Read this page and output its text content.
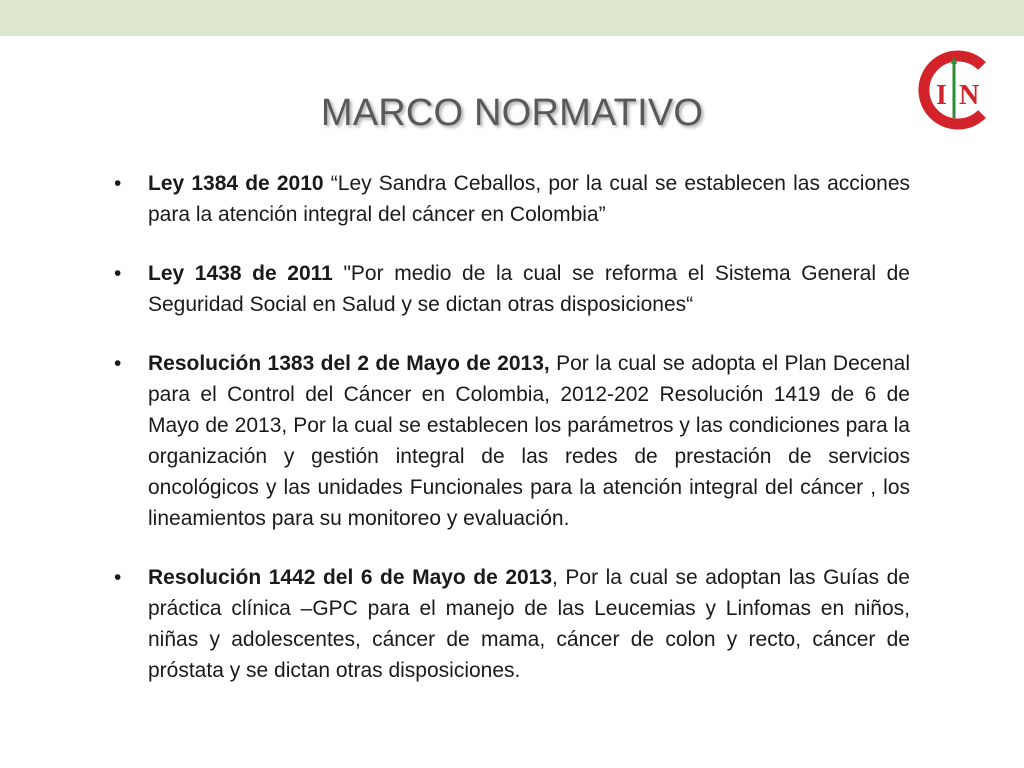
I N
MARCO NORMATIVO
• Ley 1384 de 2010 “Ley Sandra Ceballos, por la cual se establecen las acciones para la atención integral del cáncer en Colombia”
• Ley 1438 de 2011 "Por medio de la cual se reforma el Sistema General de Seguridad Social en Salud y se dictan otras disposiciones“
• Resolución 1383 del 2 de Mayo de 2013, Por la cual se adopta el Plan Decenal para el Control del Cáncer en Colombia, 2012-202 Resolución 1419 de 6 de Mayo de 2013, Por la cual se establecen los parámetros y las condiciones para la organización y gestión integral de las redes de prestación de servicios oncológicos y las unidades Funcionales para la atención integral del cáncer , los lineamientos para su monitoreo y evaluación.
• Resolución 1442 del 6 de Mayo de 2013, Por la cual se adoptan las Guías de práctica clínica –GPC para el manejo de las Leucemias y Linfomas en niños, niñas y adolescentes, cáncer de mama, cáncer de colon y recto, cáncer de próstata y se dictan otras disposiciones.
